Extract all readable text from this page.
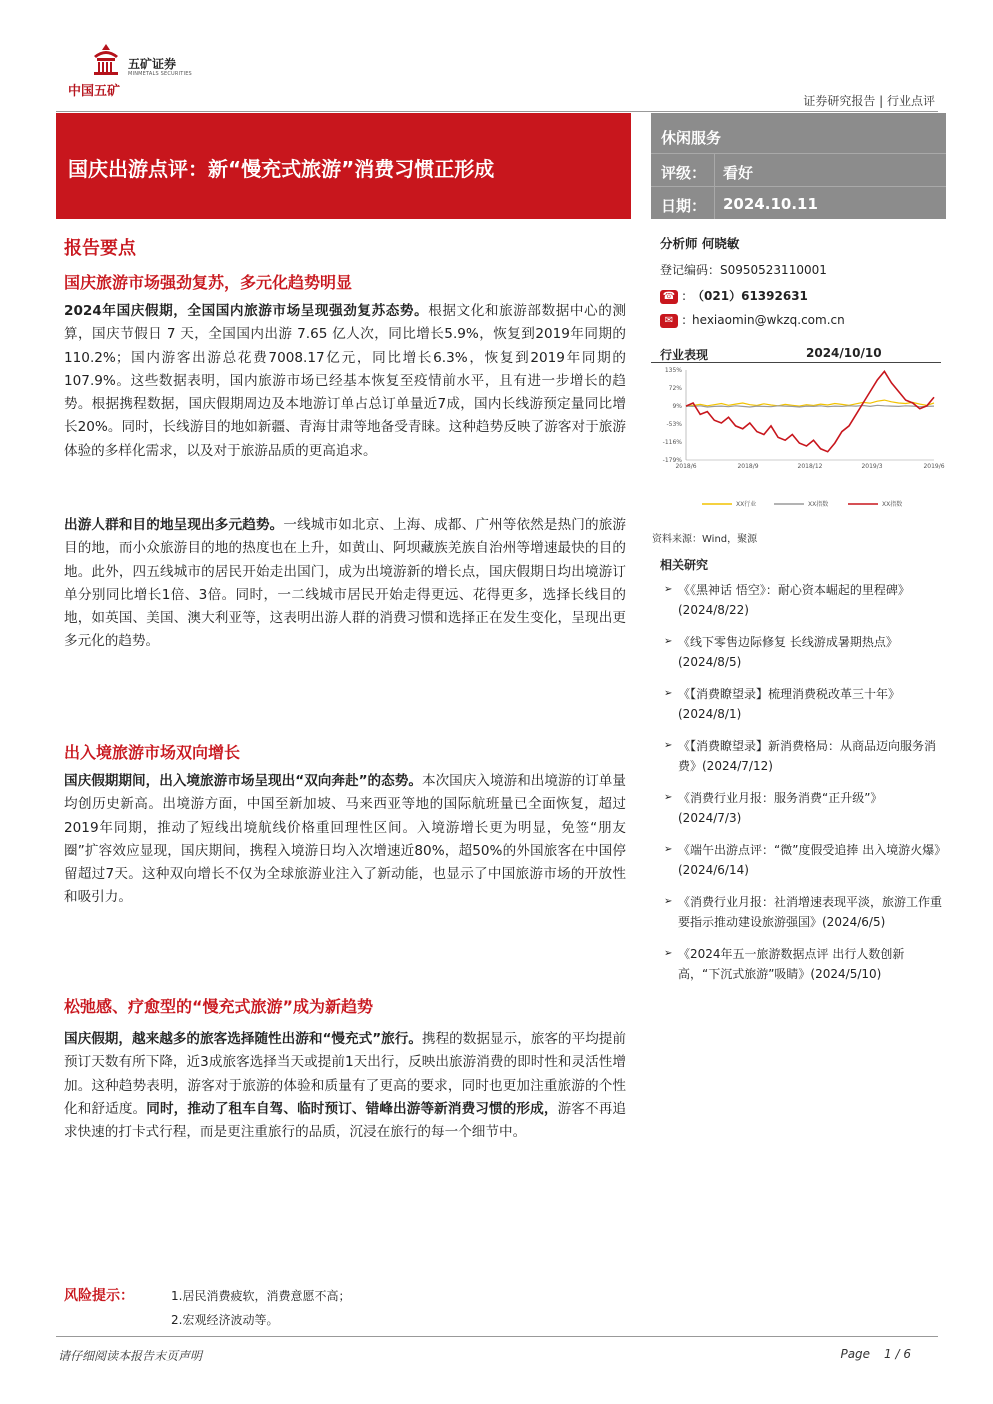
五矿证券
MINMETALS SECURITIES
中国五矿
证券研究报告 | 行业点评
国庆出游点评：新“慢充式旅游”消费习惯正形成
休闲服务
评级： 看好
日期： 2024.10.11
报告要点
国庆旅游市场强劲复苏，多元化趋势明显
2024年国庆假期，全国国内旅游市场呈现强劲复苏态势。根据文化和旅游部数据中心的测算，国庆节假日 7 天，全国国内出游 7.65 亿人次，同比增长5.9%，恢复到2019年同期的110.2%；国内游客出游总花费7008.17亿元，同比增长6.3%，恢复到2019年同期的107.9%。这些数据表明，国内旅游市场已经基本恢复至疫情前水平，且有进一步增长的趋势。根据携程数据，国庆假期周边及本地游订单占总订单量近7成，国内长线游预定量同比增长20%。同时，长线游目的地如新疆、青海甘肃等地备受青睐。这种趋势反映了游客对于旅游体验的多样化需求，以及对于旅游品质的更高追求。
出游人群和目的地呈现出多元趋势。一线城市如北京、上海、成都、广州等依然是热门的旅游目的地，而小众旅游目的地的热度也在上升，如黄山、阿坝藏族羌族自治州等增速最快的目的地。此外，四五线城市的居民开始走出国门，成为出境游新的增长点，国庆假期日均出境游订单分别同比增长1倍、3倍。同时，一二线城市居民开始走得更远、花得更多，选择长线目的地，如英国、美国、澳大利亚等，这表明出游人群的消费习惯和选择正在发生变化，呈现出更多元化的趋势。
出入境旅游市场双向增长
国庆假期期间，出入境旅游市场呈现出“双向奔赴”的态势。本次国庆入境游和出境游的订单量均创历史新高。出境游方面，中国至新加坡、马来西亚等地的国际航班量已全面恢复，超过2019年同期，推动了短线出境航线价格重回理性区间。入境游增长更为明显，免签“朋友圈”扩容效应显现，国庆期间，携程入境游日均入次增速近80%，超50%的外国旅客在中国停留超过7天。这种双向增长不仅为全球旅游业注入了新动能，也显示了中国旅游市场的开放性和吸引力。
松弛感、疗愈型的“慢充式旅游”成为新趋势
国庆假期，越来越多的旅客选择随性出游和“慢充式”旅行。携程的数据显示，旅客的平均提前预订天数有所下降，近3成旅客选择当天或提前1天出行，反映出旅游消费的即时性和灵活性增加。这种趋势表明，游客对于旅游的体验和质量有了更高的要求，同时也更加注重旅游的个性化和舒适度。同时，推动了租车自驾、临时预订、错峰出游等新消费习惯的形成，游客不再追求快速的打卡式行程，而是更注重旅行的品质，沉浸在旅行的每一个细节中。
分析师 何晓敏
登记编码：S0950523110001
☎ : （021）61392631
✉ : hexiaomin@wkzq.com.cn
行业表现	2024/10/10
135%
72%
9%
-53%
-116%
-179%
2018/6	2018/9	2018/12	2019/3	2019/6
XX行业	XX指数	XX指数
资料来源：Wind，聚源
相关研究
➢ 《《黑神话 悟空》：耐心资本崛起的里程碑》(2024/8/22)
➢ 《线下零售边际修复 长线游成暑期热点》(2024/8/5)
➢ 《【消费瞭望录】梳理消费税改革三十年》(2024/8/1)
➢ 《【消费瞭望录】新消费格局：从商品迈向服务消费》(2024/7/12)
➢ 《消费行业月报：服务消费“正升级”》(2024/7/3)
➢ 《端午出游点评：“微”度假受追捧 出入境游火爆》(2024/6/14)
➢ 《消费行业月报：社消增速表现平淡，旅游工作重要指示推动建设旅游强国》(2024/6/5)
➢ 《2024年五一旅游数据点评 出行人数创新高，“下沉式旅游”吸睛》(2024/5/10)
风险提示：	1.居民消费疲软，消费意愿不高；
2.宏观经济波动等。
请仔细阅读本报告末页声明	Page 1 / 6
